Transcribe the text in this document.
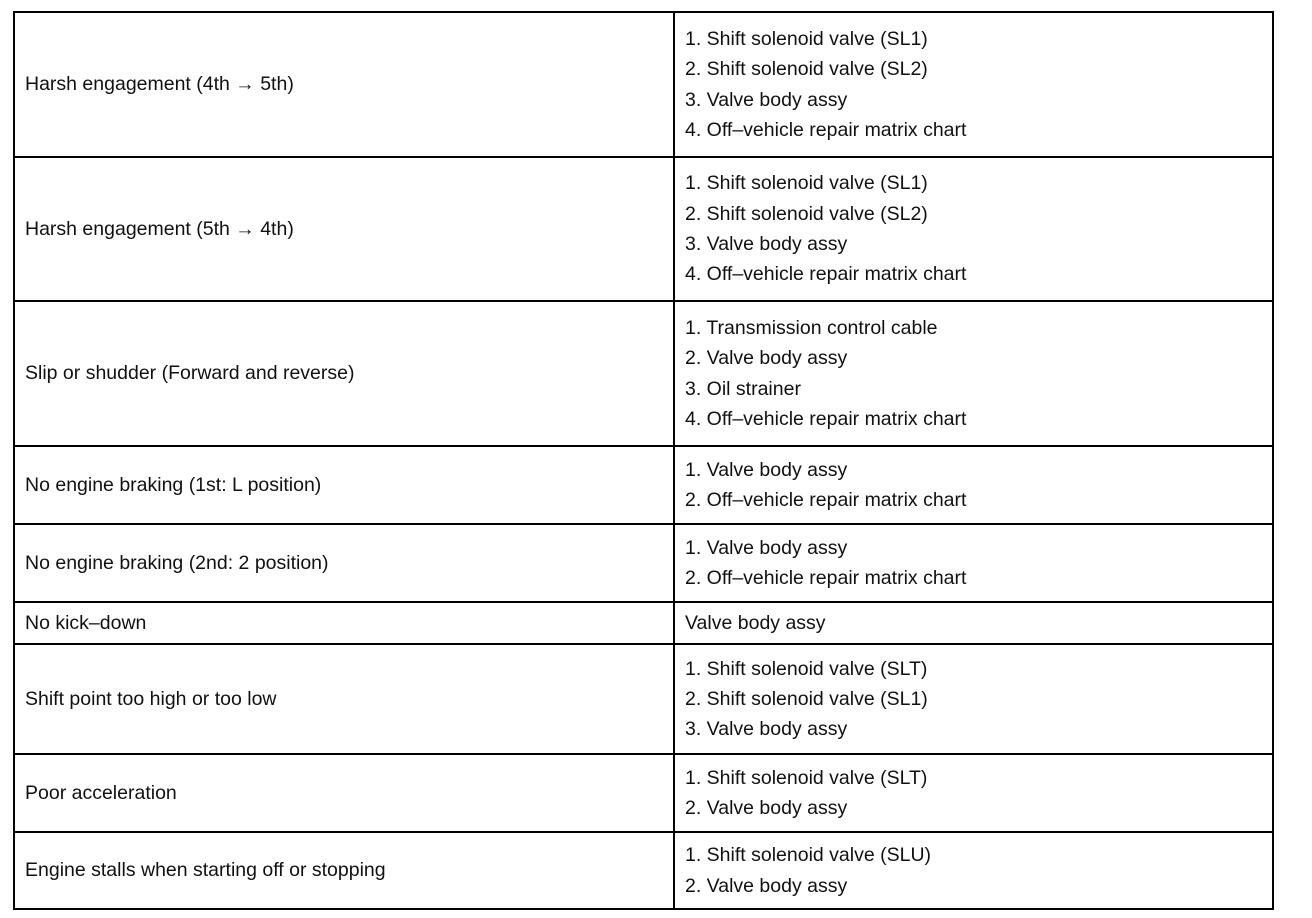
Harsh engagement (4th → 5th)	1. Shift solenoid valve (SL1)
2. Shift solenoid valve (SL2)
3. Valve body assy
4. Off–vehicle repair matrix chart

Harsh engagement (5th → 4th)	1. Shift solenoid valve (SL1)
2. Shift solenoid valve (SL2)
3. Valve body assy
4. Off–vehicle repair matrix chart

Slip or shudder (Forward and reverse)	1. Transmission control cable
2. Valve body assy
3. Oil strainer
4. Off–vehicle repair matrix chart

No engine braking (1st: L position)	1. Valve body assy
2. Off–vehicle repair matrix chart

No engine braking (2nd: 2 position)	1. Valve body assy
2. Off–vehicle repair matrix chart

No kick–down	Valve body assy

Shift point too high or too low	1. Shift solenoid valve (SLT)
2. Shift solenoid valve (SL1)
3. Valve body assy

Poor acceleration	1. Shift solenoid valve (SLT)
2. Valve body assy

Engine stalls when starting off or stopping	1. Shift solenoid valve (SLU)
2. Valve body assy
